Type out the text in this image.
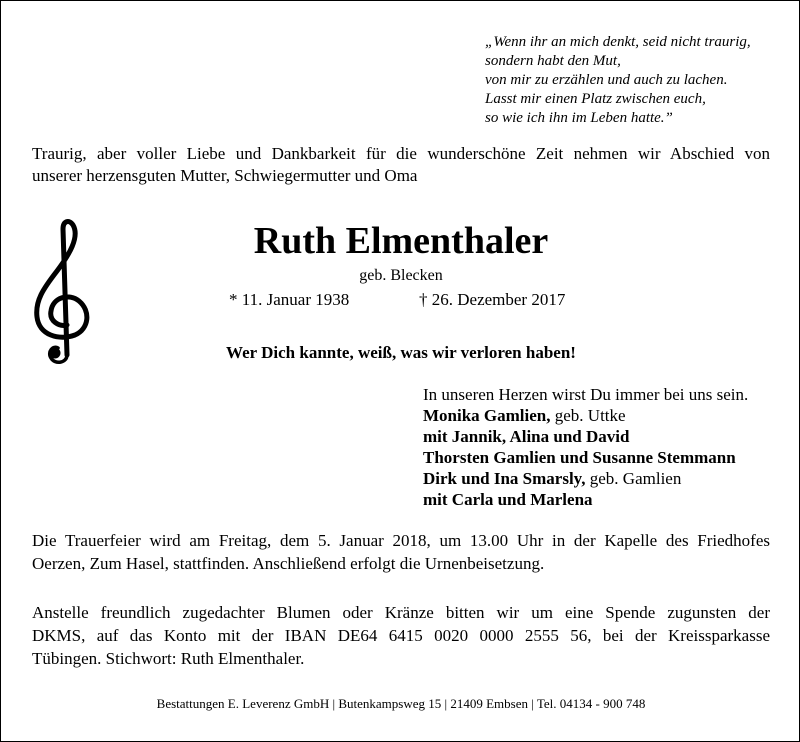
„Wenn ihr an mich denkt, seid nicht traurig,
sondern habt den Mut,
von mir zu erzählen und auch zu lachen.
Lasst mir einen Platz zwischen euch,
so wie ich ihn im Leben hatte.”
Traurig, aber voller Liebe und Dankbarkeit für die wunderschöne Zeit nehmen wir Abschied von
unserer herzensguten Mutter, Schwiegermutter und Oma
Ruth Elmenthaler
geb. Blecken
* 11. Januar 1938	† 26. Dezember 2017
Wer Dich kannte, weiß, was wir verloren haben!
In unseren Herzen wirst Du immer bei uns sein.
Monika Gamlien, geb. Uttke
mit Jannik, Alina und David
Thorsten Gamlien und Susanne Stemmann
Dirk und Ina Smarsly, geb. Gamlien
mit Carla und Marlena
Die Trauerfeier wird am Freitag, dem 5. Januar 2018, um 13.00 Uhr in der Kapelle des Friedhofes
Oerzen, Zum Hasel, stattfinden. Anschließend erfolgt die Urnenbeisetzung.
Anstelle freundlich zugedachter Blumen oder Kränze bitten wir um eine Spende zugunsten der
DKMS, auf das Konto mit der IBAN DE64 6415 0020 0000 2555 56, bei der Kreissparkasse
Tübingen. Stichwort: Ruth Elmenthaler.
Bestattungen E. Leverenz GmbH | Butenkampsweg 15 | 21409 Embsen | Tel. 04134 - 900 748
